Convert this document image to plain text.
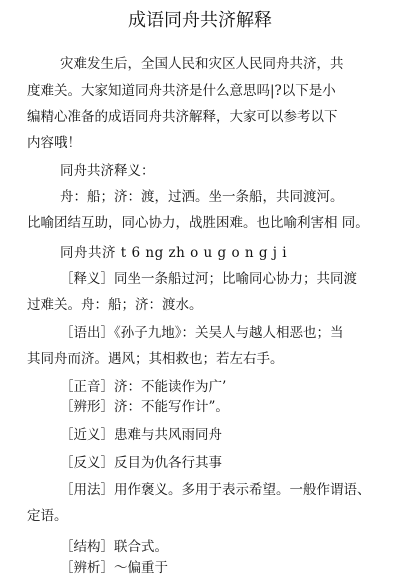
成语同舟共济解释
灾难发生后，全国人民和灾区人民同舟共济，共
度难关。大家知道同舟共济是什么意思吗|?以下是小
编精心准备的成语同舟共济解释，大家可以参考以下
内容哦！
同舟共济释义：
舟：船；济：渡，过洒。坐一条船，共同渡河。
比喻团结互助，同心协力，战胜困难。也比喻利害相 同。
同舟共济 t 6 ng zh o u g o n g j i
［释义］同坐一条船过河；比喻同心协力；共同渡
过难关。舟：船；济：渡水。
［语出］《孙子九地》：关吴人与越人相恶也；当
其同舟而济。遇风；其相救也；若左右手。
［正音］济：不能读作为广’
［辨形］济：不能写作计”。
［近义］患难与共风雨同舟
［反义］反目为仇各行其事
［用法］用作褒义。多用于表示希望。一般作谓语、
定语。
［结构］联合式。
［辨析］～偏重于
